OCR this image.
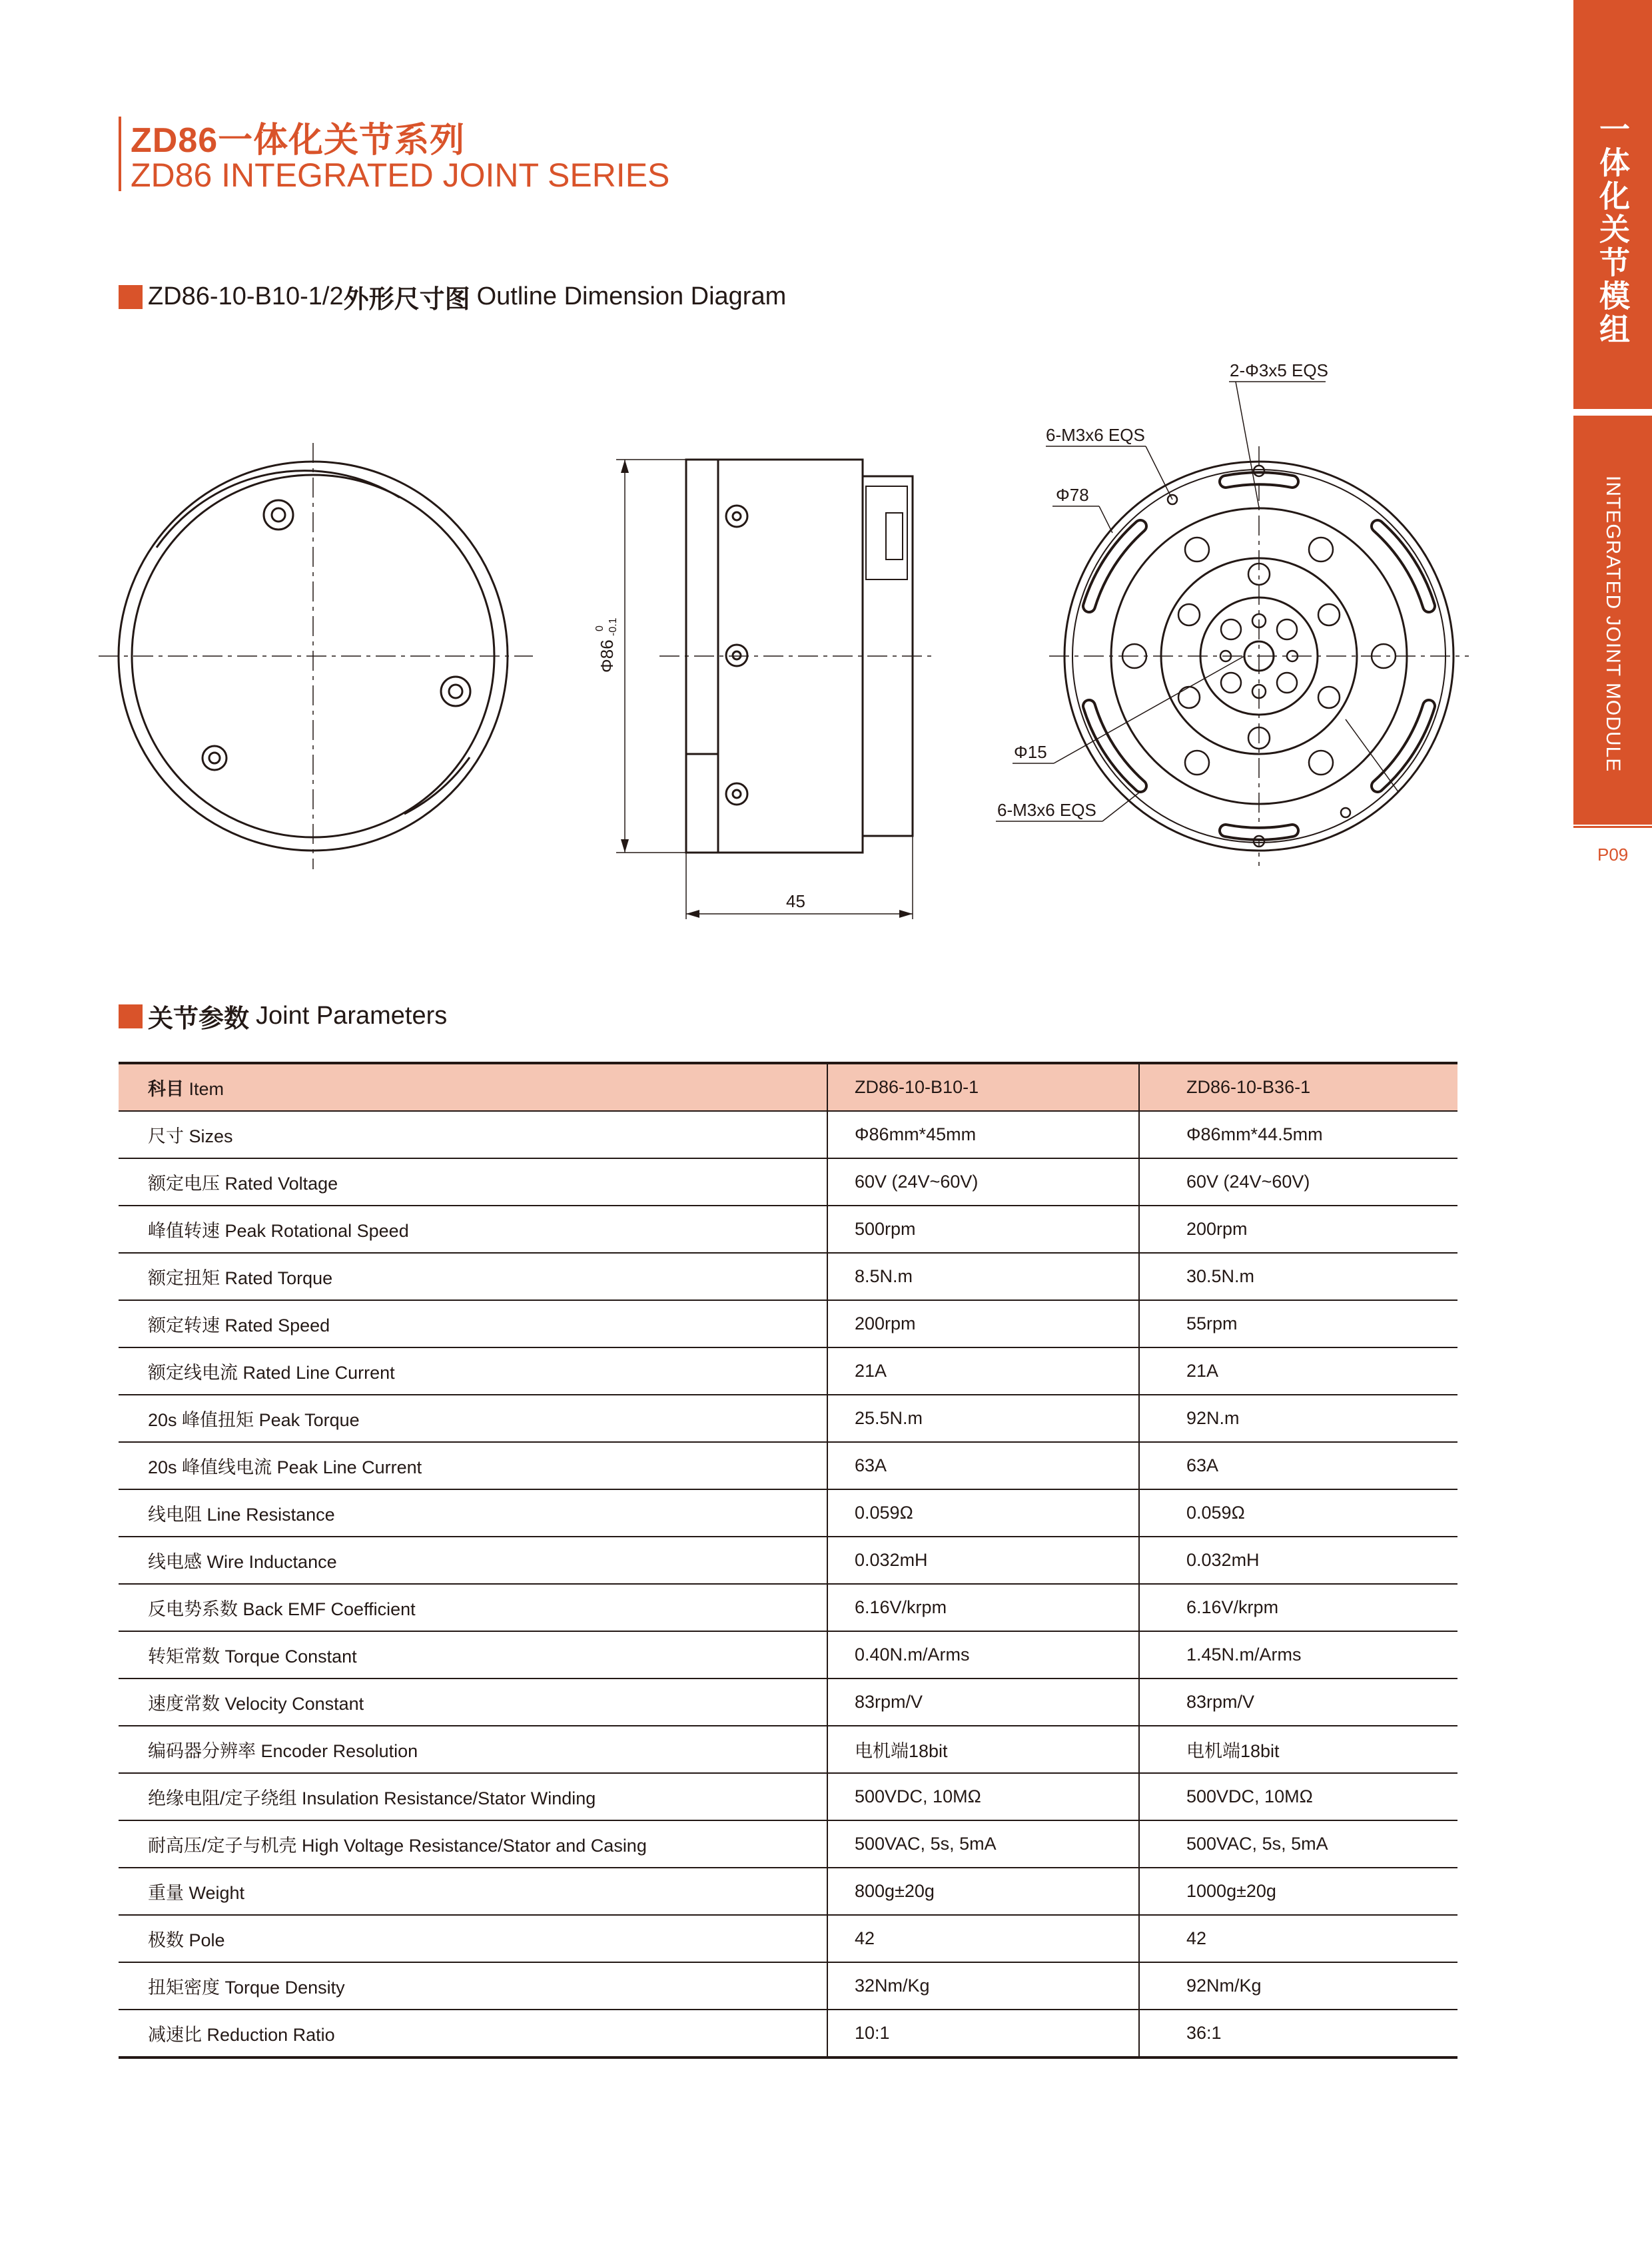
ZD86一体化关节系列
ZD86 INTEGRATED JOINT SERIES	一体化关节模组
INTEGRATED JOINT MODULE
P09
ZD86-10-B10-1/2 外形尺寸图 Outline Dimension Diagram
Φ86
0 -0.1
45
2-Φ3x5 EQS
6-M3x6 EQS
Φ78
Φ15
6-M3x6 EQS
关节参数 Joint Parameters
科目 Item	ZD86-10-B10-1	ZD86-10-B36-1
尺寸 Sizes	Φ86mm*45mm	Φ86mm*44.5mm
额定电压 Rated Voltage	60V (24V~60V)	60V (24V~60V)
峰值转速 Peak Rotational Speed	500rpm	200rpm
额定扭矩 Rated Torque	8.5N.m	30.5N.m
额定转速 Rated Speed	200rpm	55rpm
额定线电流 Rated Line Current	21A	21A
20s 峰值扭矩 Peak Torque	25.5N.m	92N.m
20s 峰值线电流 Peak Line Current	63A	63A
线电阻 Line Resistance	0.059Ω	0.059Ω
线电感 Wire Inductance	0.032mH	0.032mH
反电势系数 Back EMF Coefficient	6.16V/krpm	6.16V/krpm
转矩常数 Torque Constant	0.40N.m/Arms	1.45N.m/Arms
速度常数 Velocity Constant	83rpm/V	83rpm/V
编码器分辨率 Encoder Resolution	电机端18bit	电机端18bit
绝缘电阻/定子绕组 Insulation Resistance/Stator Winding	500VDC, 10MΩ	500VDC, 10MΩ
耐高压/定子与机壳 High Voltage Resistance/Stator and Casing	500VAC, 5s, 5mA	500VAC, 5s, 5mA
重量 Weight	800g±20g	1000g±20g
极数 Pole	42	42
扭矩密度 Torque Density	32Nm/Kg	92Nm/Kg
减速比 Reduction Ratio	10:1	36:1
